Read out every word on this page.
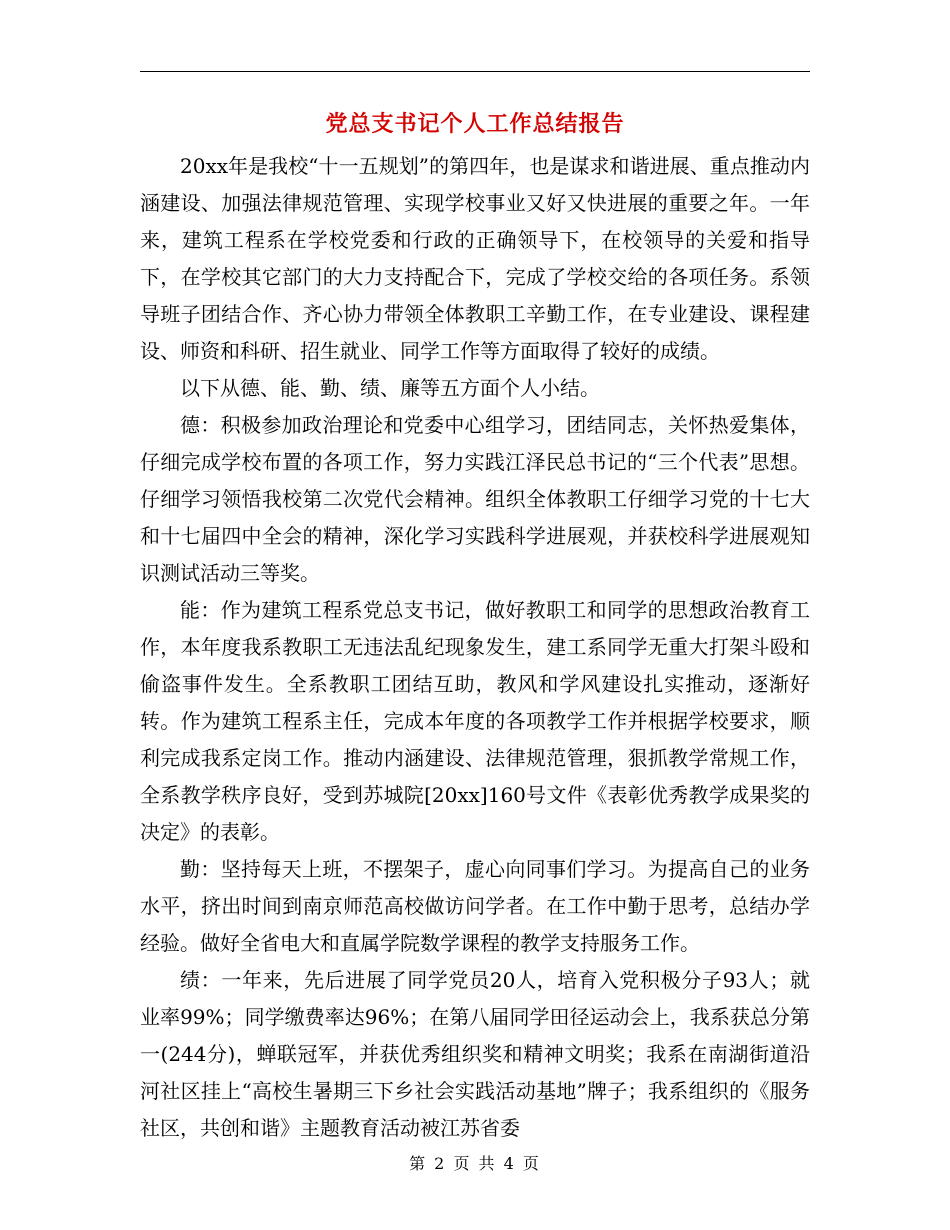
党总支书记个人工作总结报告

20xx年是我校“十一五规划”的第四年，也是谋求和谐进展、重点推动内涵建设、加强法律规范管理、实现学校事业又好又快进展的重要之年。一年来，建筑工程系在学校党委和行政的正确领导下，在校领导的关爱和指导下，在学校其它部门的大力支持配合下，完成了学校交给的各项任务。系领导班子团结合作、齐心协力带领全体教职工辛勤工作，在专业建设、课程建设、师资和科研、招生就业、同学工作等方面取得了较好的成绩。

以下从德、能、勤、绩、廉等五方面个人小结。

德：积极参加政治理论和党委中心组学习，团结同志，关怀热爱集体，仔细完成学校布置的各项工作，努力实践江泽民总书记的“三个代表”思想。仔细学习领悟我校第二次党代会精神。组织全体教职工仔细学习党的十七大和十七届四中全会的精神，深化学习实践科学进展观，并获校科学进展观知识测试活动三等奖。

能：作为建筑工程系党总支书记，做好教职工和同学的思想政治教育工作，本年度我系教职工无违法乱纪现象发生，建工系同学无重大打架斗殴和偷盗事件发生。全系教职工团结互助，教风和学风建设扎实推动，逐渐好转。作为建筑工程系主任，完成本年度的各项教学工作并根据学校要求，顺利完成我系定岗工作。推动内涵建设、法律规范管理，狠抓教学常规工作，全系教学秩序良好，受到苏城院[20xx]160号文件《表彰优秀教学成果奖的决定》的表彰。

勤：坚持每天上班，不摆架子，虚心向同事们学习。为提高自己的业务水平，挤出时间到南京师范高校做访问学者。在工作中勤于思考，总结办学经验。做好全省电大和直属学院数学课程的教学支持服务工作。

绩：一年来，先后进展了同学党员20人，培育入党积极分子93人；就业率99%；同学缴费率达96%；在第八届同学田径运动会上，我系获总分第一(244分)，蝉联冠军，并获优秀组织奖和精神文明奖；我系在南湖街道沿河社区挂上“高校生暑期三下乡社会实践活动基地”牌子；我系组织的《服务社区，共创和谐》主题教育活动被江苏省委

第 2 页 共 4 页
